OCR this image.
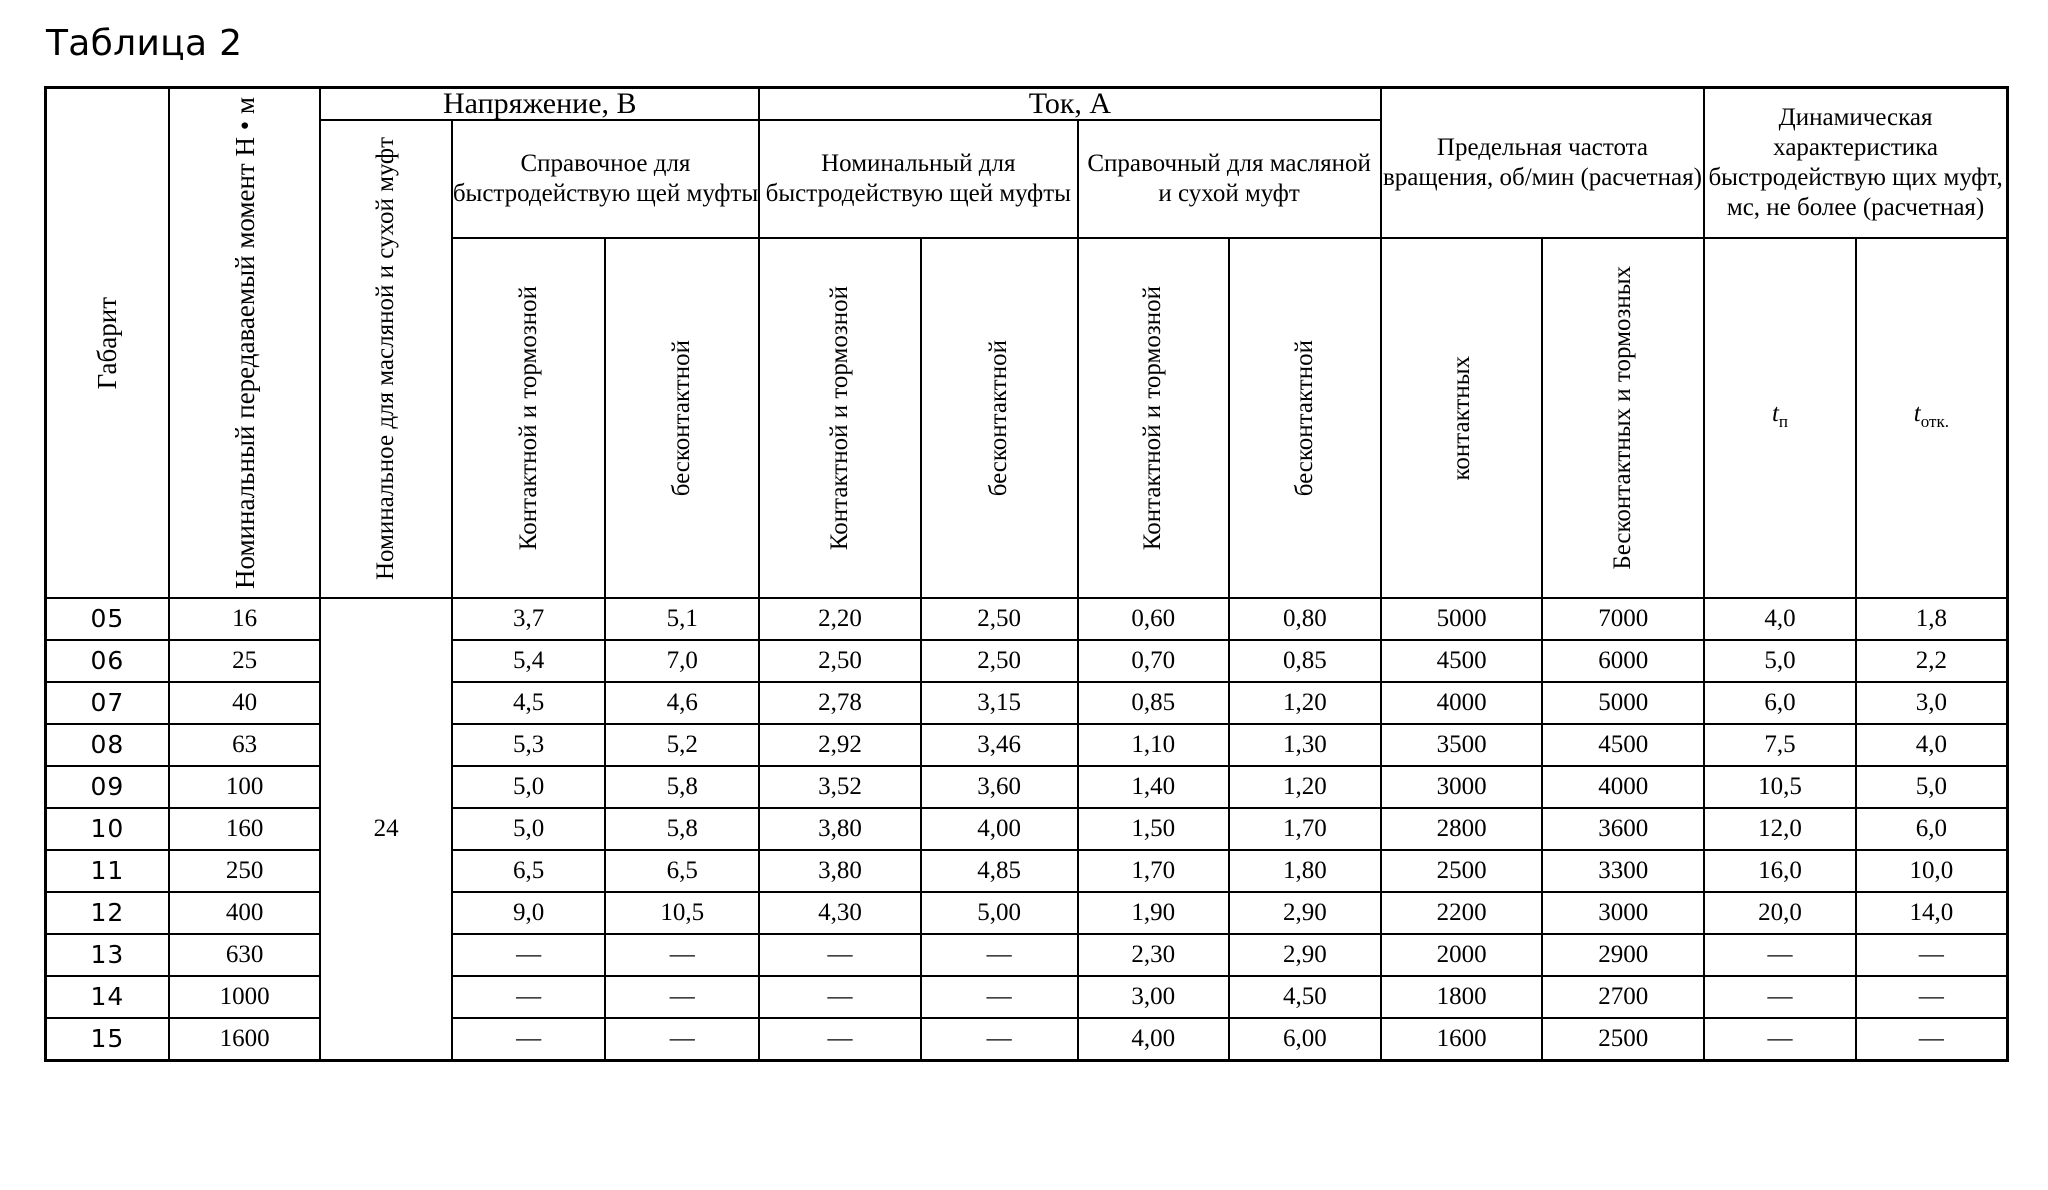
Таблица 2
Габарит	Номинальный передаваемый момент Н • м	Напряжение, В			Ток, А				Предельная частота вращения, об/мин (расчетная)		Динамическая характеристика быстродействую щих муфт, мс, не более (расчетная)	

		Номинальное для масляной и сухой муфт	Справочное для быстродействую щей муфты		Номинальный для быстродействую щей муфты		Справочный для масляной и сухой муфт					

			Контактной и тормозной	бесконтактной	Контактной и тормозной	бесконтактной	Контактной и тормозной	бесконтактной	контактных	Бесконтактных и тормозных	$t_п$	$t_{отк.}$
05	16	24	3,7	5,1	2,20	2,50	0,60	0,80	5000	7000	4,0	1,8
06	25		5,4	7,0	2,50	2,50	0,70	0,85	4500	6000	5,0	2,2
07	40		4,5	4,6	2,78	3,15	0,85	1,20	4000	5000	6,0	3,0
08	63		5,3	5,2	2,92	3,46	1,10	1,30	3500	4500	7,5	4,0
09	100		5,0	5,8	3,52	3,60	1,40	1,20	3000	4000	10,5	5,0
10	160		5,0	5,8	3,80	4,00	1,50	1,70	2800	3600	12,0	6,0
11	250		6,5	6,5	3,80	4,85	1,70	1,80	2500	3300	16,0	10,0
12	400		9,0	10,5	4,30	5,00	1,90	2,90	2200	3000	20,0	14,0
13	630		—	—	—	—	2,30	2,90	2000	2900	—	—
14	1000		—	—	—	—	3,00	4,50	1800	2700	—	—
15	1600		—	—	—	—	4,00	6,00	1600	2500	—	—
